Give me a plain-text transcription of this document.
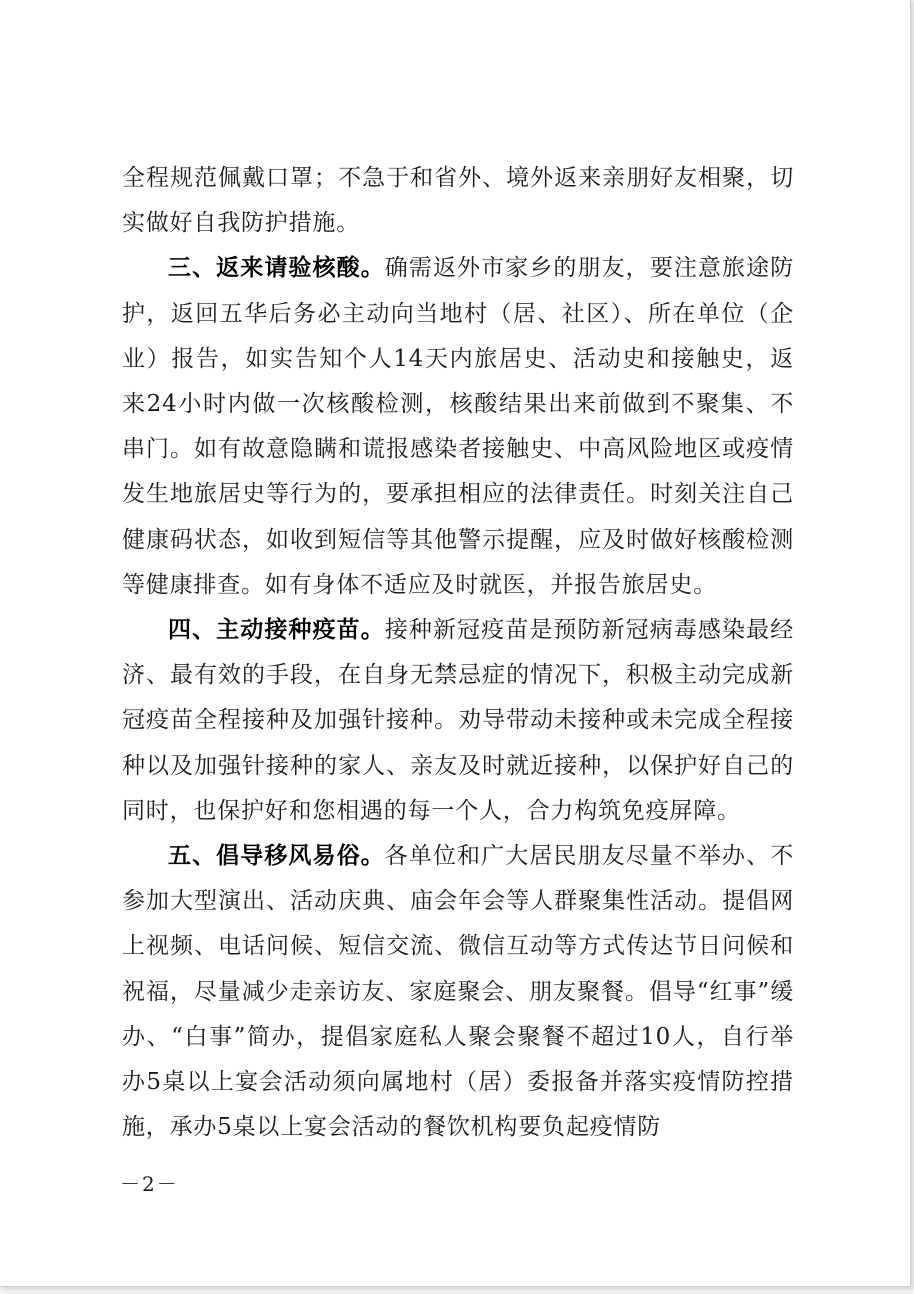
全程规范佩戴口罩；不急于和省外、境外返来亲朋好友相聚，切实做好自我防护措施。

三、返来请验核酸。确需返外市家乡的朋友，要注意旅途防护，返回五华后务必主动向当地村（居、社区）、所在单位（企业）报告，如实告知个人14天内旅居史、活动史和接触史，返来24小时内做一次核酸检测，核酸结果出来前做到不聚集、不串门。如有故意隐瞒和谎报感染者接触史、中高风险地区或疫情发生地旅居史等行为的，要承担相应的法律责任。时刻关注自己健康码状态，如收到短信等其他警示提醒，应及时做好核酸检测等健康排查。如有身体不适应及时就医，并报告旅居史。

四、主动接种疫苗。接种新冠疫苗是预防新冠病毒感染最经济、最有效的手段，在自身无禁忌症的情况下，积极主动完成新冠疫苗全程接种及加强针接种。劝导带动未接种或未完成全程接种以及加强针接种的家人、亲友及时就近接种，以保护好自己的同时，也保护好和您相遇的每一个人，合力构筑免疫屏障。

五、倡导移风易俗。各单位和广大居民朋友尽量不举办、不参加大型演出、活动庆典、庙会年会等人群聚集性活动。提倡网上视频、电话问候、短信交流、微信互动等方式传达节日问候和祝福，尽量减少走亲访友、家庭聚会、朋友聚餐。倡导“红事”缓办、“白事”简办，提倡家庭私人聚会聚餐不超过10人，自行举办5桌以上宴会活动须向属地村（居）委报备并落实疫情防控措施，承办5桌以上宴会活动的餐饮机构要负起疫情防

－2－
